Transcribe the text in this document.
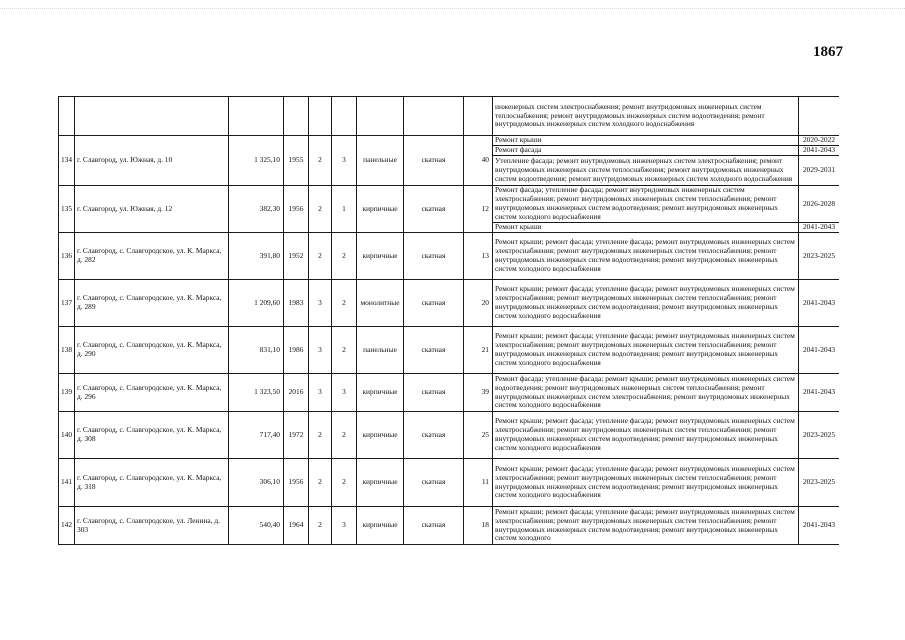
1867
									инженерных систем электроснабжения; ремонт внутридомовых инженерных систем теплоснабжения; ремонт внутридомовых инженерных систем водоотведения; ремонт внутридомовых инженерных систем холодного водоснабжения	
134	г. Славгород, ул. Южная, д. 10	1 325,10	1955	2	3	панельные	скатная	40	Ремонт крыши	2020-2022
									Ремонт фасада	2041-2043
									Утепление фасада; ремонт внутридомовых инженерных систем электроснабжения; ремонт внутридомовых инженерных систем теплоснабжения; ремонт внутридомовых инженерных систем водоотведения; ремонт внутридомовых инженерных систем холодного водоснабжения	2029-2031
135	г. Славгород, ул. Южная, д. 12	382,30	1956	2	1	кирпичные	скатная	12	Ремонт фасада; утепление фасада; ремонт внутридомовых инженерных систем электроснабжения; ремонт внутридомовых инженерных систем теплоснабжения; ремонт внутридомовых инженерных систем водоотведения; ремонт внутридомовых инженерных систем холодного водоснабжения	2026-2028
									Ремонт крыши	2041-2043
136	г. Славгород, с. Славгородское, ул. К. Маркса, д. 282	391,80	1952	2	2	кирпичные	скатная	13	Ремонт крыши; ремонт фасада; утепление фасада; ремонт внутридомовых инженерных систем электроснабжения; ремонт внутридомовых инженерных систем теплоснабжения; ремонт внутридомовых инженерных систем водоотведения; ремонт внутридомовых инженерных систем холодного водоснабжения	2023-2025
137	г. Славгород, с. Славгородское, ул. К. Маркса, д. 289	1 209,60	1983	3	2	монолитные	скатная	20	Ремонт крыши; ремонт фасада; утепление фасада; ремонт внутридомовых инженерных систем электроснабжения; ремонт внутридомовых инженерных систем теплоснабжения; ремонт внутридомовых инженерных систем водоотведения; ремонт внутридомовых инженерных систем холодного водоснабжения	2041-2043
138	г. Славгород, с. Славгородское, ул. К. Маркса, д. 290	831,10	1986	3	2	панельные	скатная	21	Ремонт крыши; ремонт фасада; утепление фасада; ремонт внутридомовых инженерных систем электроснабжения; ремонт внутридомовых инженерных систем теплоснабжения; ремонт внутридомовых инженерных систем водоотведения; ремонт внутридомовых инженерных систем холодного водоснабжения	2041-2043
139	г. Славгород, с. Славгородское, ул. К. Маркса, д. 296	1 323,50	2016	3	3	кирпичные	скатная	39	Ремонт фасада; утепление фасада; ремонт крыши; ремонт внутридомовых инженерных систем водоотведения; ремонт внутридомовых инженерных систем теплоснабжения; ремонт внутридомовых инженерных систем электроснабжения; ремонт внутридомовых инженерных систем холодного водоснабжения	2041-2043
140	г. Славгород, с. Славгородское, ул. К. Маркса, д. 308	717,40	1972	2	2	кирпичные	скатная	25	Ремонт крыши; ремонт фасада; утепление фасада; ремонт внутридомовых инженерных систем электроснабжения; ремонт внутридомовых инженерных систем теплоснабжения; ремонт внутридомовых инженерных систем водоотведения; ремонт внутридомовых инженерных систем холодного водоснабжения	2023-2025
141	г. Славгород, с. Славгородское, ул. К. Маркса, д. 318	306,10	1956	2	2	кирпичные	скатная	11	Ремонт крыши; ремонт фасада; утепление фасада; ремонт внутридомовых инженерных систем электроснабжения; ремонт внутридомовых инженерных систем теплоснабжения; ремонт внутридомовых инженерных систем водоотведения; ремонт внутридомовых инженерных систем холодного водоснабжения	2023-2025
142	г. Славгород, с. Славгородское, ул. Ленина, д. 303	540,40	1964	2	3	кирпичные	скатная	18	Ремонт крыши; ремонт фасада; утепление фасада; ремонт внутридомовых инженерных систем электроснабжения; ремонт внутридомовых инженерных систем теплоснабжения; ремонт внутридомовых инженерных систем водоотведения; ремонт внутридомовых инженерных систем холодного	2041-2043
